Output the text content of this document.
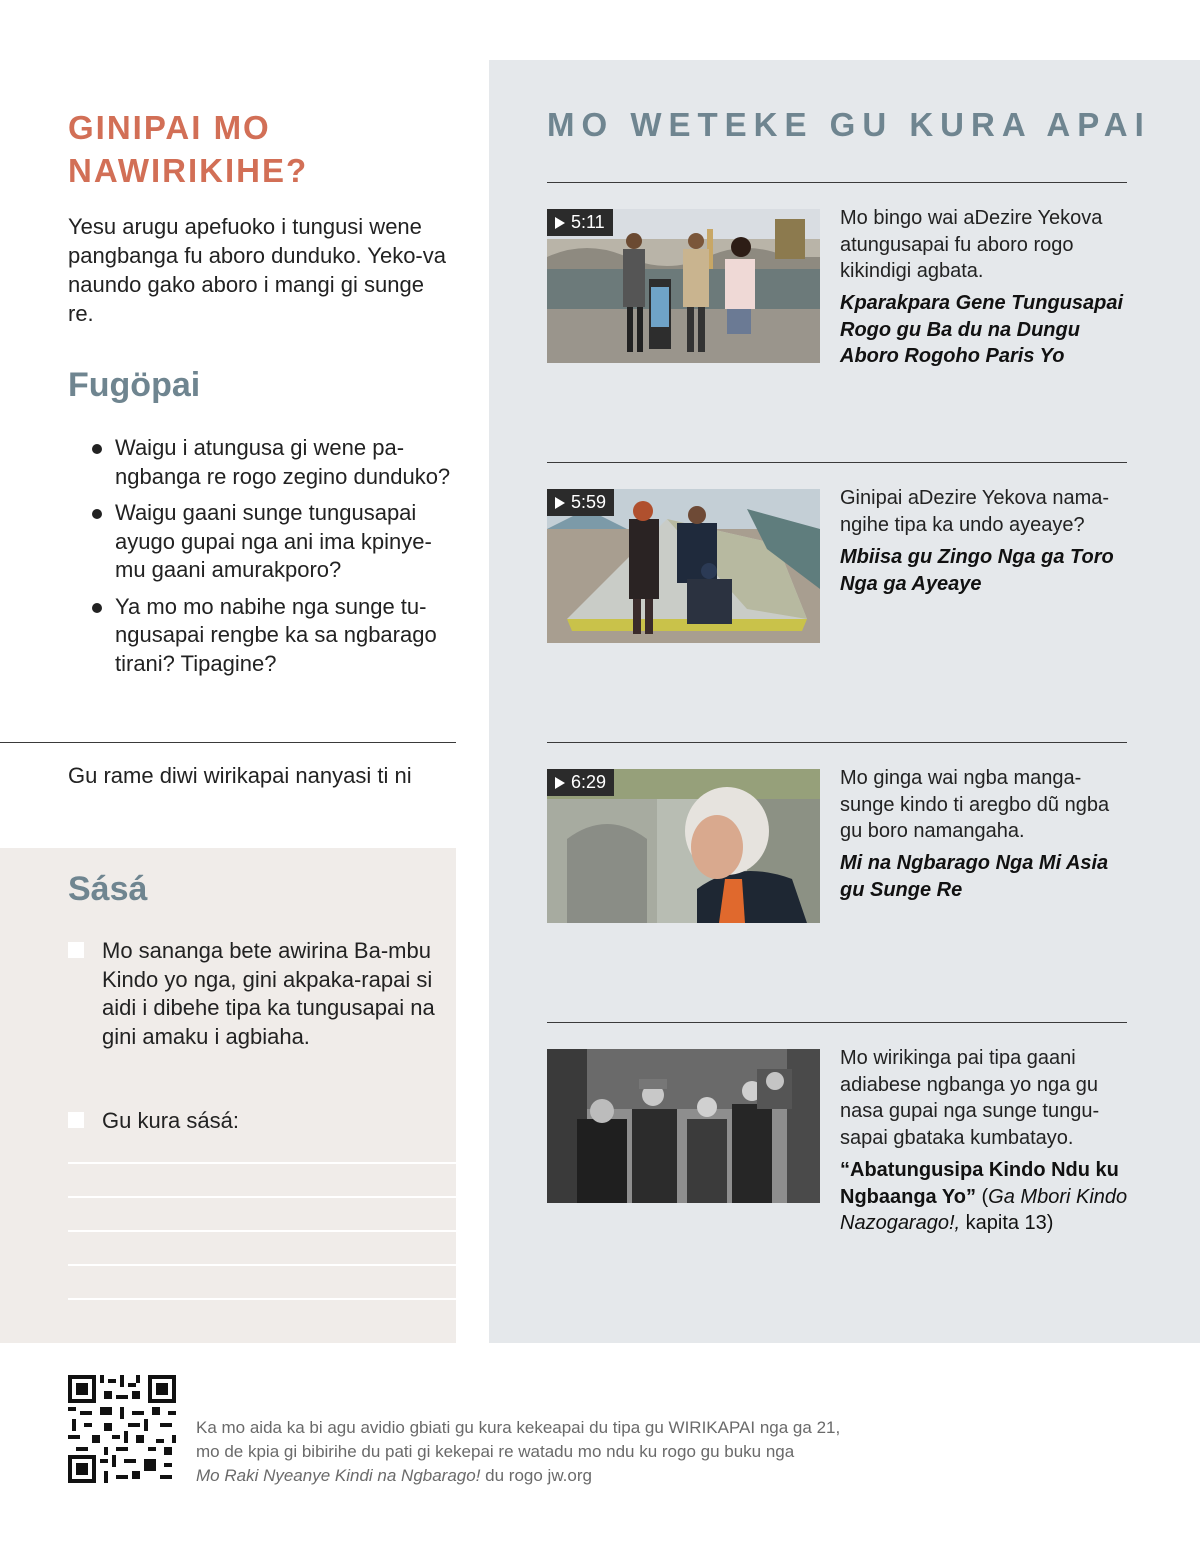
GINIPAI MO NAWIRIKIHE?

Yesu arugu apefuoko i tungusi wene pangbanga fu aboro dunduko. Yeko-va naundo gako aboro i mangi gi sunge re.

Fugöpai
Waigu i atungusa gi wene pa-ngbanga re rogo zegino dunduko?
Waigu gaani sunge tungusapai ayugo gupai nga ani ima kpinye-mu gaani amurakporo?
Ya mo mo nabihe nga sunge tu-ngusapai rengbe ka sa ngbarago tirani? Tipagine?

Gu rame diwi wirikapai nanyasi ti ni

Sásá
Mo sananga bete awirina Ba-mbu Kindo yo nga, gini akpaka-rapai si aidi i dibehe tipa ka tungusapai na gini amaku i agbiaha.
Gu kura sásá:
MO WETEKE GU KURA APAI
5:11	Mo bingo wai aDezire Yekova atungusapai fu aboro rogo kikindigi agbata.

Kparakpara Gene Tungusapai Rogo gu Ba du na Dungu Aboro Rogoho Paris Yo

5:59	Ginipai aDezire Yekova nama-ngihe tipa ka undo ayeaye?

Mbiisa gu Zingo Nga ga Toro Nga ga Ayeaye

6:29	Mo ginga wai ngba manga-sunge kindo ti aregbo dũ ngba gu boro namangaha.

Mi na Ngbarago Nga Mi Asia gu Sunge Re

Mo wirikinga pai tipa gaani adiabese ngbanga yo nga gu nasa gupai nga sunge tungu-sapai gbataka kumbatayo.

“Abatungusipa Kindo Ndu ku Ngbaanga Yo” (Ga Mbori Kindo Nazogarago!, kapita 13)

Ka mo aida ka bi agu avidio gbiati gu kura kekeapai du tipa gu WIRIKAPAI nga ga 21,
mo de kpia gi bibirihe du pati gi kekepai re watadu mo ndu ku rogo gu buku nga
Mo Raki Nyeanye Kindi na Ngbarago! du rogo jw.org
